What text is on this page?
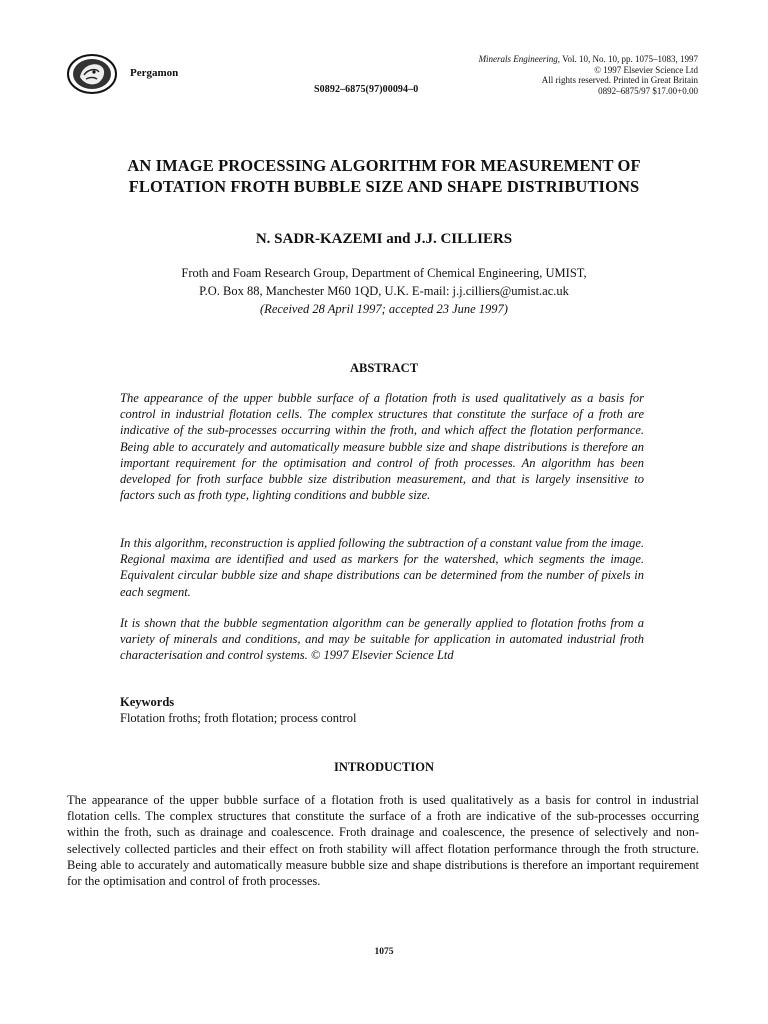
Pergamon
S0892–6875(97)00094–0
Minerals Engineering, Vol. 10, No. 10, pp. 1075–1083, 1997
© 1997 Elsevier Science Ltd
All rights reserved. Printed in Great Britain
0892–6875/97 $17.00+0.00
AN IMAGE PROCESSING ALGORITHM FOR MEASUREMENT OF
FLOTATION FROTH BUBBLE SIZE AND SHAPE DISTRIBUTIONS
N. SADR-KAZEMI and J.J. CILLIERS
Froth and Foam Research Group, Department of Chemical Engineering, UMIST,
P.O. Box 88, Manchester M60 1QD, U.K. E-mail: j.j.cilliers@umist.ac.uk
(Received 28 April 1997; accepted 23 June 1997)
ABSTRACT

The appearance of the upper bubble surface of a flotation froth is used qualitatively as a basis for control in industrial flotation cells. The complex structures that constitute the surface of a froth are indicative of the sub-processes occurring within the froth, and which affect the flotation performance. Being able to accurately and automatically measure bubble size and shape distributions is therefore an important requirement for the optimisation and control of froth processes. An algorithm has been developed for froth surface bubble size distribution measurement, and that is largely insensitive to factors such as froth type, lighting conditions and bubble size.

In this algorithm, reconstruction is applied following the subtraction of a constant value from the image. Regional maxima are identified and used as markers for the watershed, which segments the image. Equivalent circular bubble size and shape distributions can be determined from the number of pixels in each segment.

It is shown that the bubble segmentation algorithm can be generally applied to flotation froths from a variety of minerals and conditions, and may be suitable for application in automated industrial froth characterisation and control systems. © 1997 Elsevier Science Ltd

Keywords
Flotation froths; froth flotation; process control
INTRODUCTION

The appearance of the upper bubble surface of a flotation froth is used qualitatively as a basis for control in industrial flotation cells. The complex structures that constitute the surface of a froth are indicative of the sub-processes occurring within the froth, such as drainage and coalescence. Froth drainage and coalescence, the presence of selectively and non-selectively collected particles and their effect on froth stability will affect flotation performance through the froth structure. Being able to accurately and automatically measure bubble size and shape distributions is therefore an important requirement for the optimisation and control of froth processes.

1075
